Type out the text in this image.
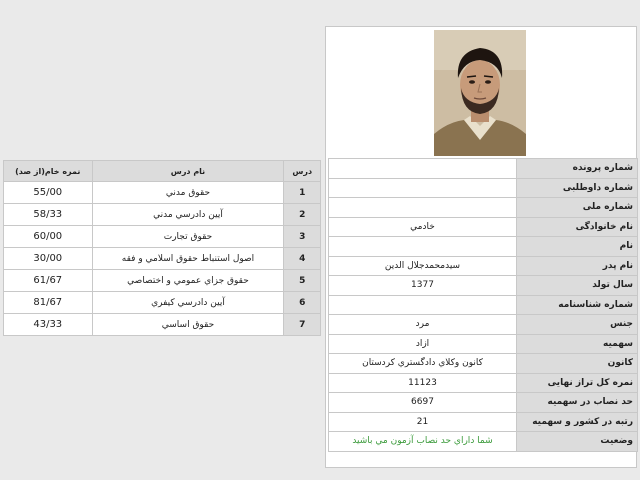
درس	نام درس	نمره خام(از صد)
1	حقوق مدني	55/00
2	آيين دادرسي مدني	58/33
3	حقوق تجارت	60/00
4	اصول استنباط حقوق اسلامي و فقه	30/00
5	حقوق جزاي عمومي و اختصاصي	61/67
6	آيين دادرسي کيفري	81/67
7	حقوق اساسي	43/33
شماره پرونده	
شماره داوطلبی	
شماره ملی	
نام خانوادگی	خادمي
نام	
نام پدر	سيدمحمدجلال الدين
سال تولد	1377
شماره شناسنامه	
جنس	مرد
سهمیه	ازاد
کانون	کانون وکلاي دادگستري کردستان
نمره کل تراز نهایی	11123
حد نصاب در سهمیه	6697
رتبه در کشور و سهمیه	21
وضعیت	شما داراي حد نصاب آزمون مي باشيد
